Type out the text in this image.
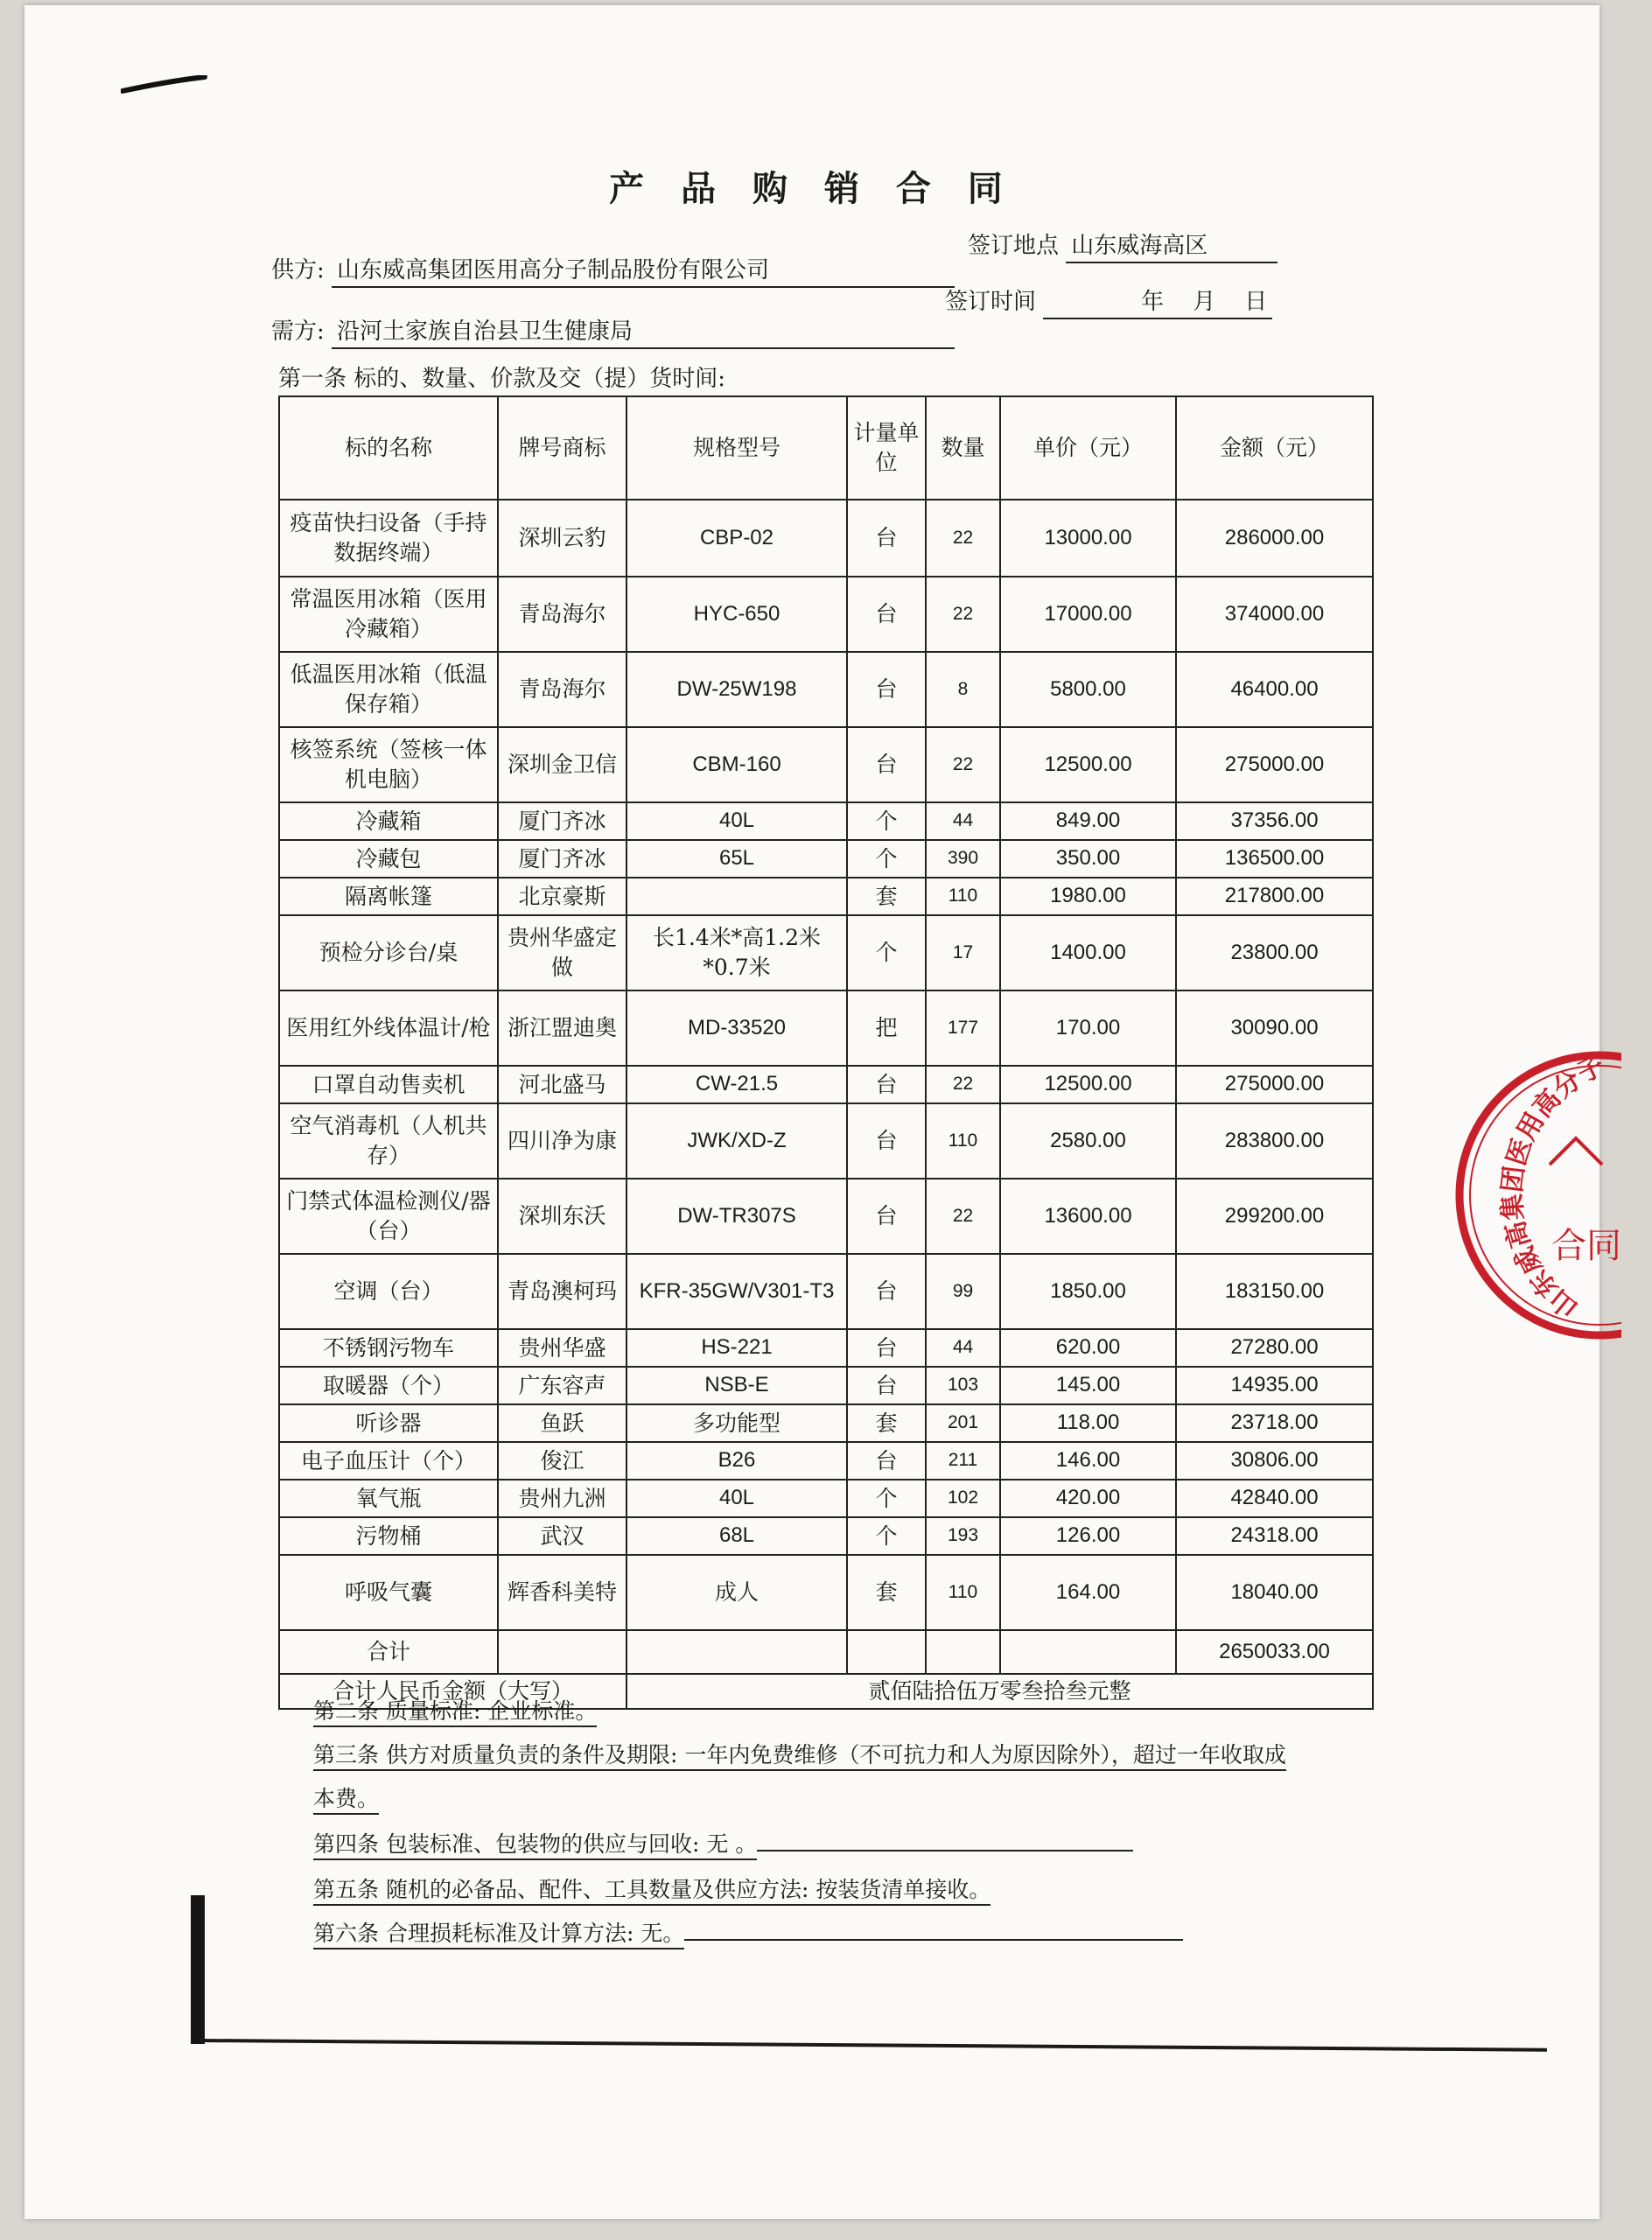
产 品 购 销 合 同
供方: 山东威高集团医用高分子制品股份有限公司
签订地点 山东威海高区
需方: 沿河土家族自治县卫生健康局
签订时间	年    月    日
第一条 标的、数量、价款及交（提）货时间:
标的名称	牌号商标	规格型号	计量单位	数量	单价（元）	金额（元）
疫苗快扫设备（手持数据终端）	深圳云豹	CBP-02	台	22	13000.00	286000.00
常温医用冰箱（医用冷藏箱）	青岛海尔	HYC-650	台	22	17000.00	374000.00
低温医用冰箱（低温保存箱）	青岛海尔	DW-25W198	台	8	5800.00	46400.00
核签系统（签核一体机电脑）	深圳金卫信	CBM-160	台	22	12500.00	275000.00
冷藏箱	厦门齐冰	40L	个	44	849.00	37356.00
冷藏包	厦门齐冰	65L	个	390	350.00	136500.00
隔离帐篷	北京豪斯		套	110	1980.00	217800.00
预检分诊台/桌	贵州华盛定做	长1.4米*高1.2米*0.7米	个	17	1400.00	23800.00
医用红外线体温计/枪	浙江盟迪奥	MD-33520	把	177	170.00	30090.00
口罩自动售卖机	河北盛马	CW-21.5	台	22	12500.00	275000.00
空气消毒机（人机共存）	四川净为康	JWK/XD-Z	台	110	2580.00	283800.00
门禁式体温检测仪/器（台）	深圳东沃	DW-TR307S	台	22	13600.00	299200.00
空调（台）	青岛澳柯玛	KFR-35GW/V301-T3	台	99	1850.00	183150.00
不锈钢污物车	贵州华盛	HS-221	台	44	620.00	27280.00
取暖器（个）	广东容声	NSB-E	台	103	145.00	14935.00
听诊器	鱼跃	多功能型	套	201	118.00	23718.00
电子血压计（个）	俊江	B26	台	211	146.00	30806.00
氧气瓶	贵州九洲	40L	个	102	420.00	42840.00
污物桶	武汉	68L	个	193	126.00	24318.00
呼吸气囊	辉香科美特	成人	套	110	164.00	18040.00
合计						2650033.00
合计人民币金额（大写）		贰佰陆拾伍万零叁拾叁元整				
第二条 质量标准: 企业标准。
第三条 供方对质量负责的条件及期限: 一年内免费维修（不可抗力和人为原因除外），超过一年收取成
本费。
第四条 包装标准、包装物的供应与回收: 无 。
第五条 随机的必备品、配件、工具数量及供应方法: 按装货清单接收。
第六条 合理损耗标准及计算方法: 无。
山东威高集团医用高分子
合同
